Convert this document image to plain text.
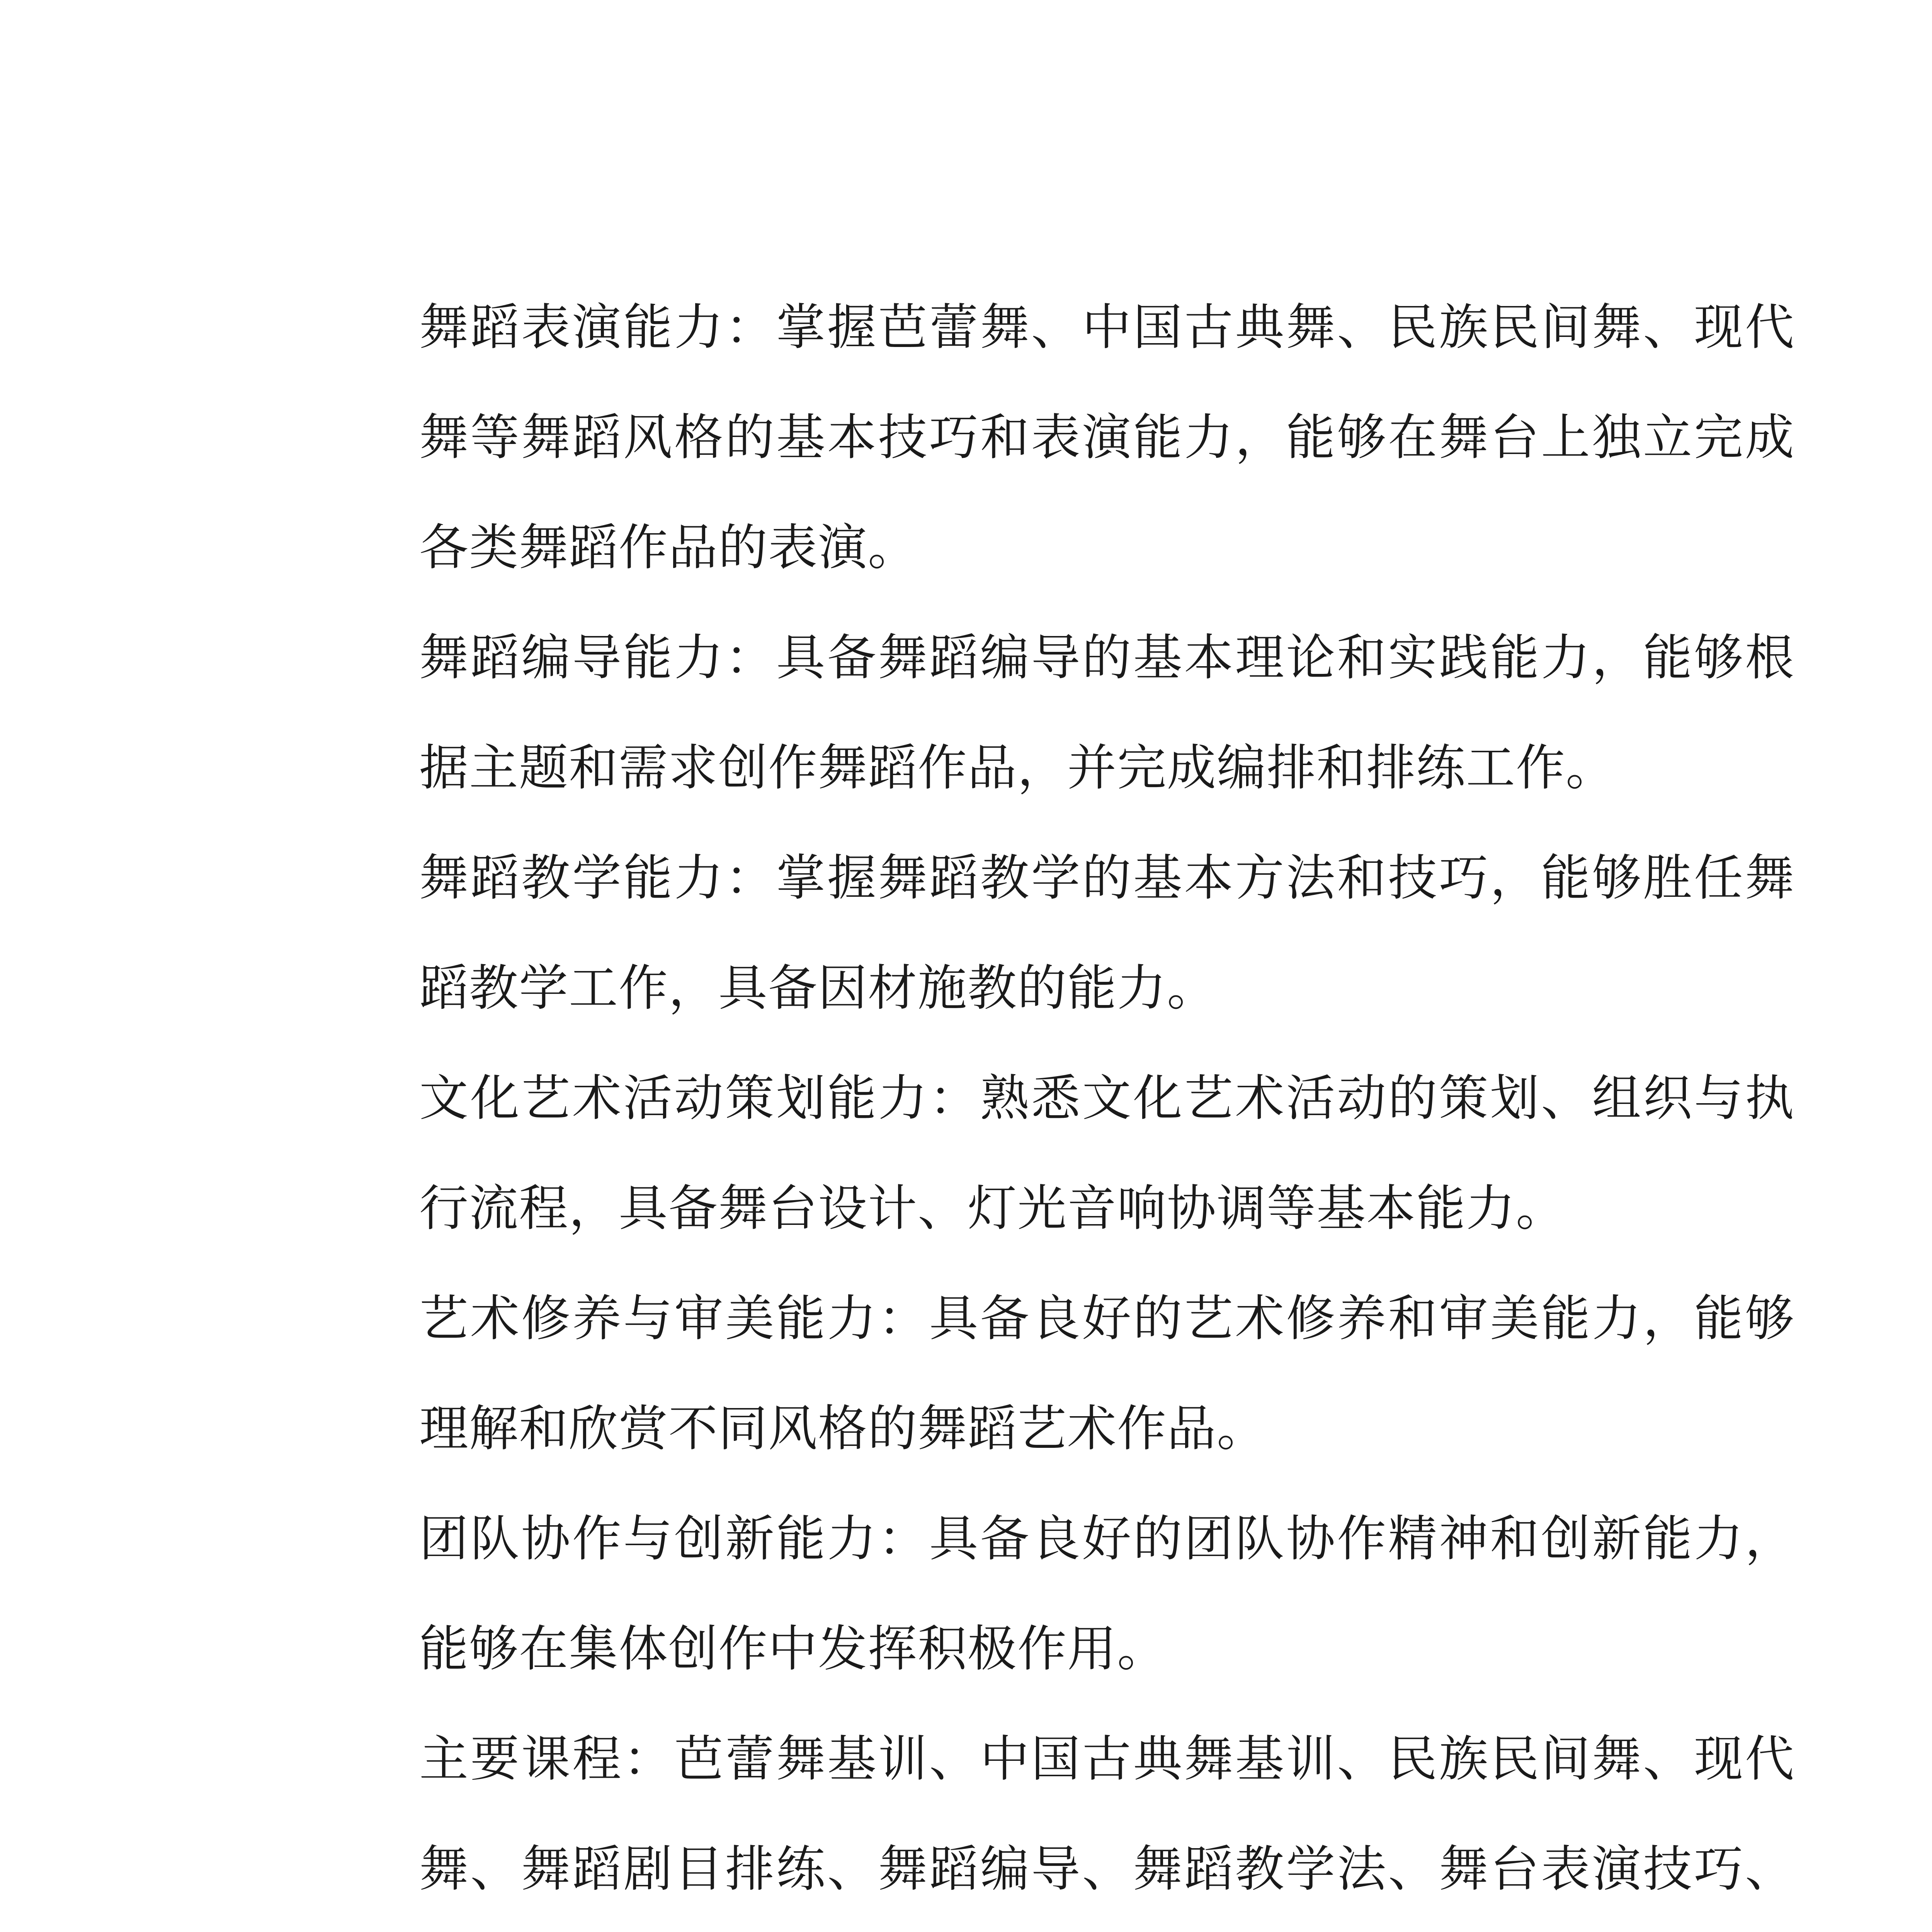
舞蹈表演能力：掌握芭蕾舞、中国古典舞、民族民间舞、现代舞等舞蹈风格的基本技巧和表演能力，能够在舞台上独立完成各类舞蹈作品的表演。

舞蹈编导能力：具备舞蹈编导的基本理论和实践能力，能够根据主题和需求创作舞蹈作品，并完成编排和排练工作。

舞蹈教学能力：掌握舞蹈教学的基本方法和技巧，能够胜任舞蹈教学工作，具备因材施教的能力。

文化艺术活动策划能力：熟悉文化艺术活动的策划、组织与执行流程，具备舞台设计、灯光音响协调等基本能力。

艺术修养与审美能力：具备良好的艺术修养和审美能力，能够理解和欣赏不同风格的舞蹈艺术作品。

团队协作与创新能力：具备良好的团队协作精神和创新能力，能够在集体创作中发挥积极作用。

主要课程：芭蕾舞基训、中国古典舞基训、民族民间舞、现代舞、舞蹈剧目排练、舞蹈编导、舞蹈教学法、舞台表演技巧、
